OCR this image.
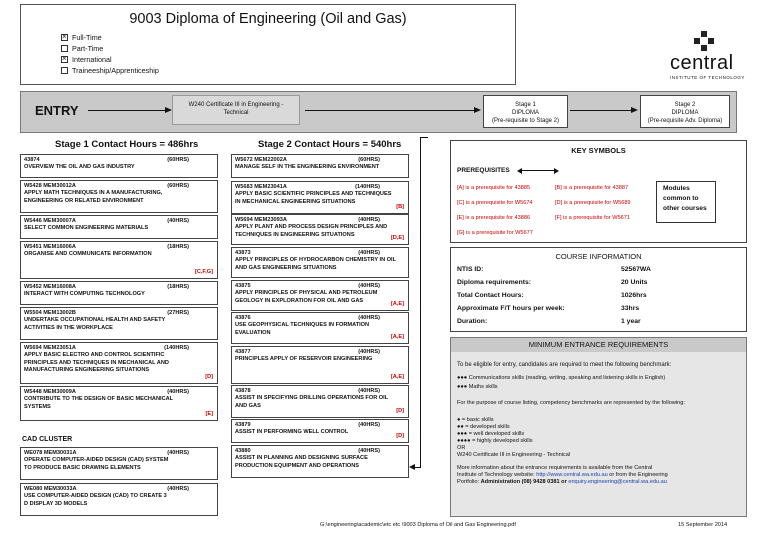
9003 Diploma of Engineering (Oil and Gas)
×Full-Time
Part-Time
×International
Traineeship/Apprenticeship	central
INSTITUTE OF TECHNOLOGY
ENTRY	W240 Certificate III in Engineering -
Technical
Stage 1
DIPLOMA
(Pre-requisite to Stage 2)
Stage 2
DIPLOMA
(Pre-requisite Adv. Diploma)
Stage 1 Contact Hours = 486hrs	Stage 2 Contact Hours = 540hrs
43874	(60HRS)
OVERVIEW THE OIL AND GAS INDUSTRY
W5428 MEM30012A	(60HRS)
APPLY MATH TECHNIQUES IN A MANUFACTURING,
ENGINEERING OR RELATED ENVIRONMENT
W5446 MEM30007A	(40HRS)
SELECT COMMON ENGINEERING MATERIALS
W5451 MEM16006A	(18HRS)
ORGANISE AND COMMUNICATE INFORMATION
[C,F,G]
W5452 MEM16008A	(18HRS)
INTERACT WITH COMPUTING TECHNOLOGY
W5504 MEM13002B	(27HRS)
UNDERTAKE OCCUPATIONAL HEALTH AND SAFETY
ACTIVITIES IN THE WORKPLACE
W5694 MEM23051A	(140HRS)
APPLY BASIC ELECTRO AND CONTROL SCIENTIFIC
PRINCIPLES AND TECHNIQUES IN MECHANICAL AND
MANUFACTURING ENGINEERING SITUATIONS
[D]
W5448 MEM30009A	(40HRS)
CONTRIBUTE TO THE DESIGN OF BASIC MECHANICAL
SYSTEMS
[E]
CAD CLUSTER
WE078 MEM30031A	(40HRS)
OPERATE COMPUTER-AIDED DESIGN (CAD) SYSTEM
TO PRODUCE BASIC DRAWING ELEMENTS
WE080 MEM30033A	(40HRS)
USE COMPUTER-AIDED DESIGN (CAD) TO CREATE 3
D DISPLAY 3D MODELS
W5672 MEM22002A	(60HRS)
MANAGE SELF IN THE ENGINEERING ENVIRONMENT
W5683 MEM23041A	(140HRS)
APPLY BASIC SCIENTIFIC PRINCIPLES AND TECHNIQUES
IN MECHANICAL ENGINEERING SITUATIONS
[B]
W5694 MEM23093A	(40HRS)
APPLY PLANT AND PROCESS DESIGN PRINCIPLES AND
TECHNIQUES IN ENGINEERING SITUATIONS	[D,E]
43873	(40HRS)
APPLY PRINCIPLES OF HYDROCARBON CHEMISTRY IN OIL
AND GAS ENGINEERING SITUATIONS
43875	(40HRS)
APPLY PRINCIPLES OF PHYSICAL AND PETROLEUM
GEOLOGY IN EXPLORATION FOR OIL AND GAS	[A,E]
43876	(40HRS)
USE GEOPHYSICAL TECHNIQUES IN FORMATION
EVALUATION
[A,E]
43877	(40HRS)
PRINCIPLES APPLY OF RESERVOIR ENGINEERING
[A,E]
43878	(40HRS)
ASSIST IN SPECIFYING DRILLING OPERATIONS FOR OIL
AND GAS
[D]
43879	(40HRS)
ASSIST IN PERFORMING WELL CONTROL
[D]
43880	(40HRS)
ASSIST IN PLANNING AND DESIGNING SURFACE
PRODUCTION EQUIPMENT AND OPERATIONS
KEY SYMBOLS
PREREQUISITES
[A] is a prerequisite for 43885	[B] is a prerequisite for 43887
[C] is a prerequisite for W5674	[D] is a prerequisite for W5689
[E] is a prerequisite for 43886	[F] is a prerequisite for W5671
[G] is a prerequisite for W5677
Modules common to other courses
COURSE INFORMATION
NTIS ID:	52567WA
Diploma requirements:	20 Units
Total Contact Hours:	1026hrs
Approximate F/T hours per week:	33hrs
Duration:	1 year
MINIMUM ENTRANCE REQUIREMENTS
To be eligible for entry, candidates are required to meet the following benchmark:
●●● Communications skills (reading, writing, speaking and listening skills in English)
●●● Maths skills
For the purpose of course listing, competency benchmarks are represented by the following:
● = basic skills
●● = developed skills
●●● = well developed skills
●●●● = highly developed skills
OR
W240 Certificate III in Engineering - Technical
More information about the entrance requirements is available from the Central
Institute of Technology website: http://www.central.wa.edu.au or from the Engineering
Portfolio: Administration (08) 9428 0381 or enquiry.engineering@central.wa.edu.au
G:\engineering\academic\etc etc \9003 Diploma of Oil and Gas Engineering.pdf	15 September 2014
